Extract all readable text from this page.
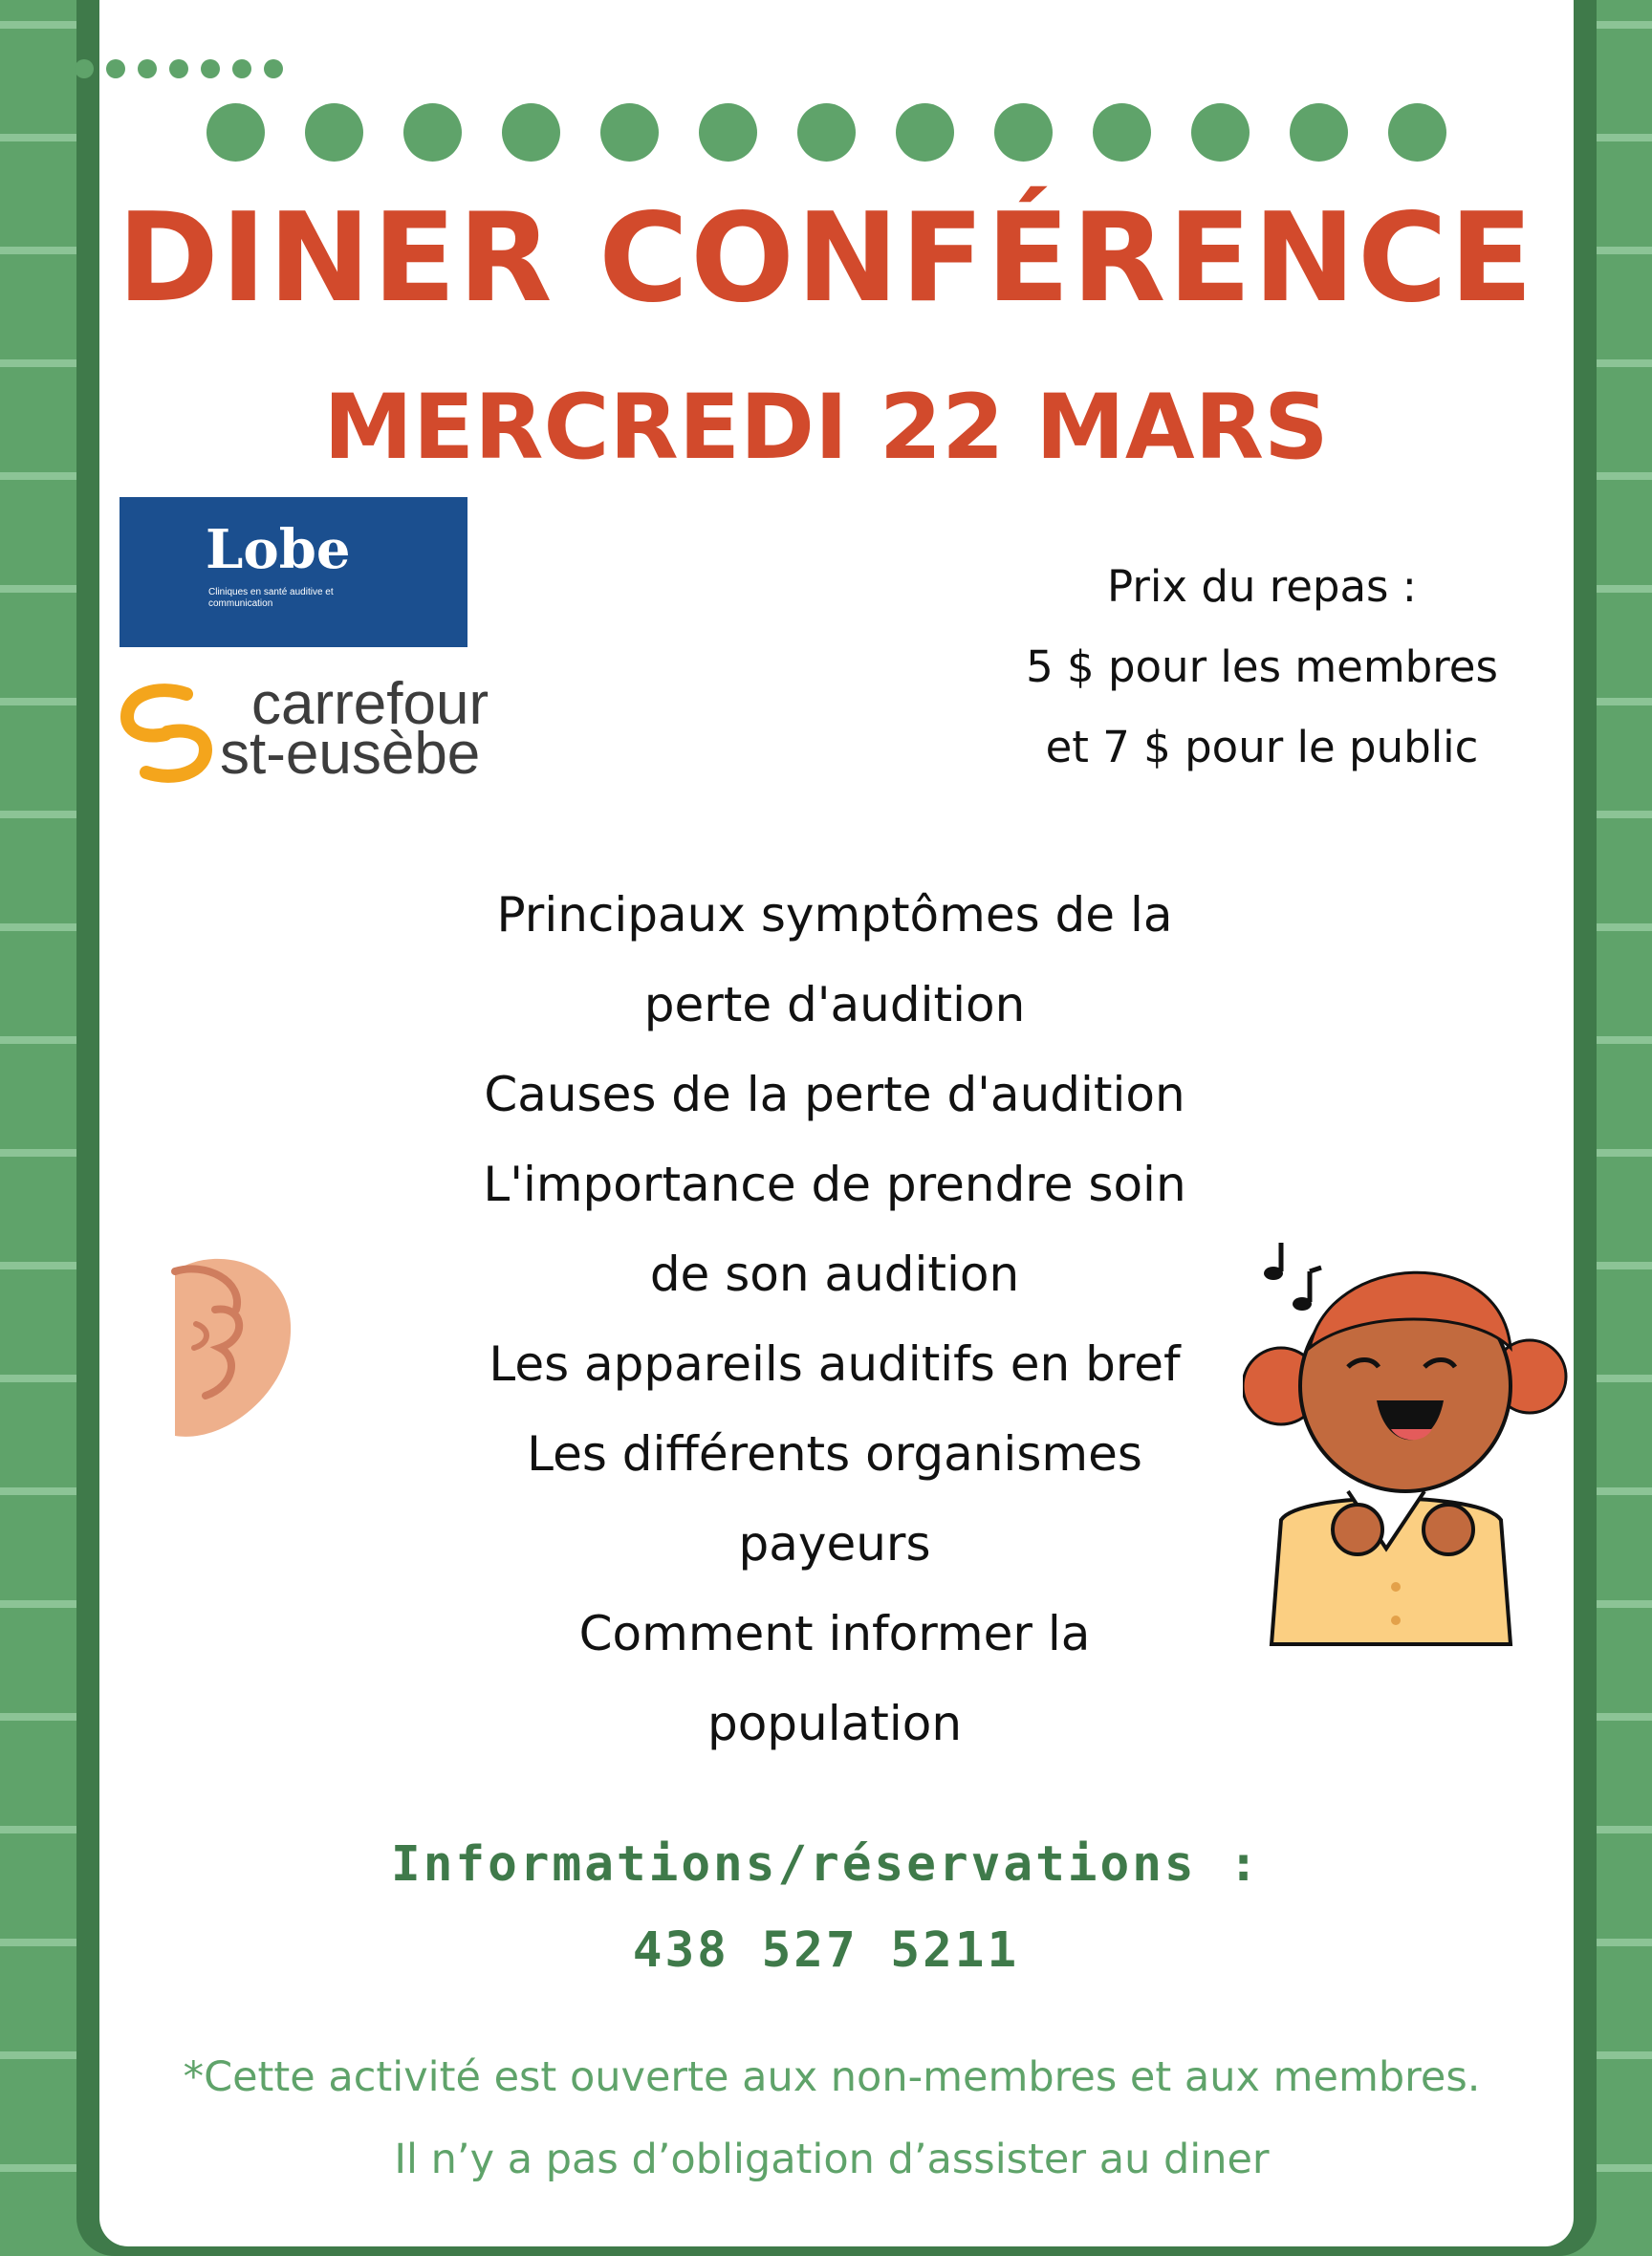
DINER CONFÉRENCE
MERCREDI 22 MARS
Lobe
Cliniques en santé auditive et communication
carrefour
st-eusèbe
Prix du repas :
5 $ pour les membres
et 7 $ pour le public
Principaux symptômes de la
perte d'audition
Causes de la perte d'audition
L'importance de prendre soin
de son audition
Les appareils auditifs en bref
Les différents organismes
payeurs
Comment informer la
population
Informations/réservations :
438 527 5211
*Cette activité est ouverte aux non-membres et aux membres.
Il n’y a pas d’obligation d’assister au diner
